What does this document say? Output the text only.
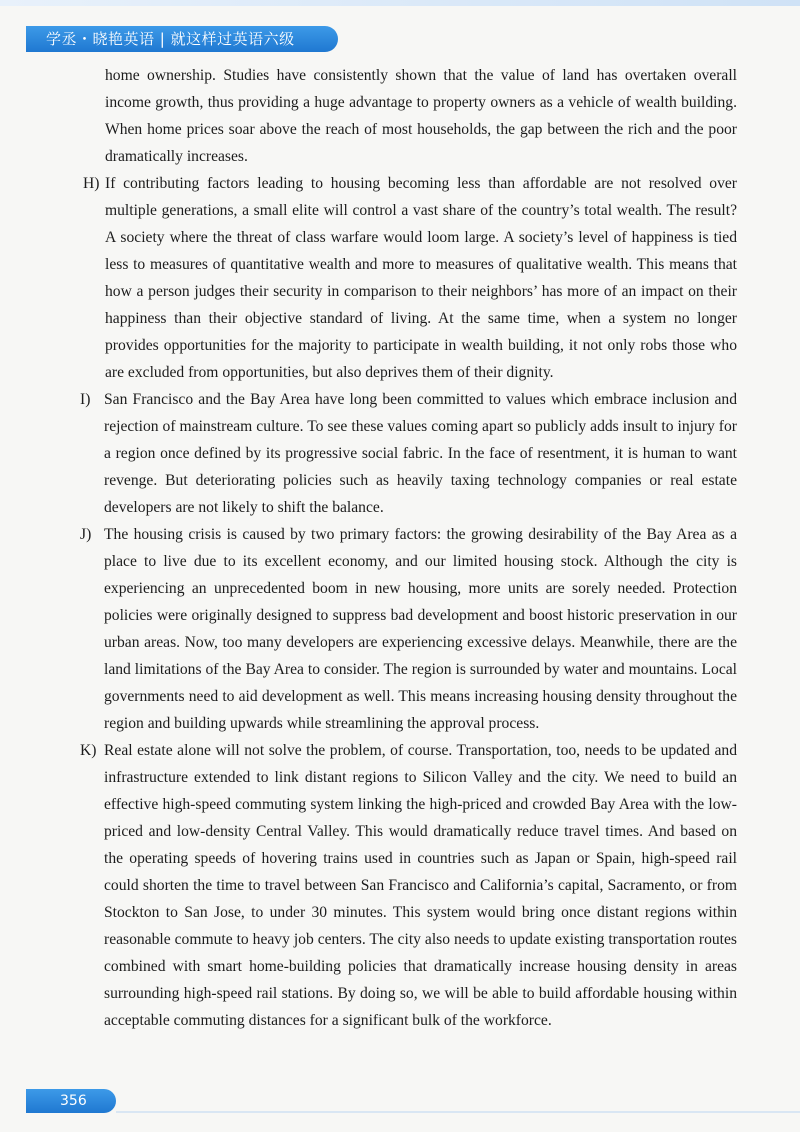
学丞・晓艳英语 | 就这样过英语六级

home ownership. Studies have consistently shown that the value of land has overtaken overall income growth, thus providing a huge advantage to property owners as a vehicle of wealth building. When home prices soar above the reach of most households, the gap between the rich and the poor dramatically increases.

H) If contributing factors leading to housing becoming less than affordable are not resolved over multiple generations, a small elite will control a vast share of the country’s total wealth. The result? A society where the threat of class warfare would loom large. A society’s level of happiness is tied less to measures of quantitative wealth and more to measures of qualitative wealth. This means that how a person judges their security in comparison to their neighbors’ has more of an impact on their happiness than their objective standard of living. At the same time, when a system no longer provides opportunities for the majority to participate in wealth building, it not only robs those who are excluded from opportunities, but also deprives them of their dignity.

I) San Francisco and the Bay Area have long been committed to values which embrace inclusion and rejection of mainstream culture. To see these values coming apart so publicly adds insult to injury for a region once defined by its progressive social fabric. In the face of resentment, it is human to want revenge. But deteriorating policies such as heavily taxing technology companies or real estate developers are not likely to shift the balance.

J) The housing crisis is caused by two primary factors: the growing desirability of the Bay Area as a place to live due to its excellent economy, and our limited housing stock. Although the city is experiencing an unprecedented boom in new housing, more units are sorely needed. Protection policies were originally designed to suppress bad development and boost historic preservation in our urban areas. Now, too many developers are experiencing excessive delays. Meanwhile, there are the land limitations of the Bay Area to consider. The region is surrounded by water and mountains. Local governments need to aid development as well. This means increasing housing density throughout the region and building upwards while streamlining the approval process.

K) Real estate alone will not solve the problem, of course. Transportation, too, needs to be updated and infrastructure extended to link distant regions to Silicon Valley and the city. We need to build an effective high-speed commuting system linking the high-priced and crowded Bay Area with the low-priced and low-density Central Valley. This would dramatically reduce travel times. And based on the operating speeds of hovering trains used in countries such as Japan or Spain, high-speed rail could shorten the time to travel between San Francisco and California’s capital, Sacramento, or from Stockton to San Jose, to under 30 minutes. This system would bring once distant regions within reasonable commute to heavy job centers. The city also needs to update existing transportation routes combined with smart home-building policies that dramatically increase housing density in areas surrounding high-speed rail stations. By doing so, we will be able to build affordable housing within acceptable commuting distances for a significant bulk of the workforce.

356
